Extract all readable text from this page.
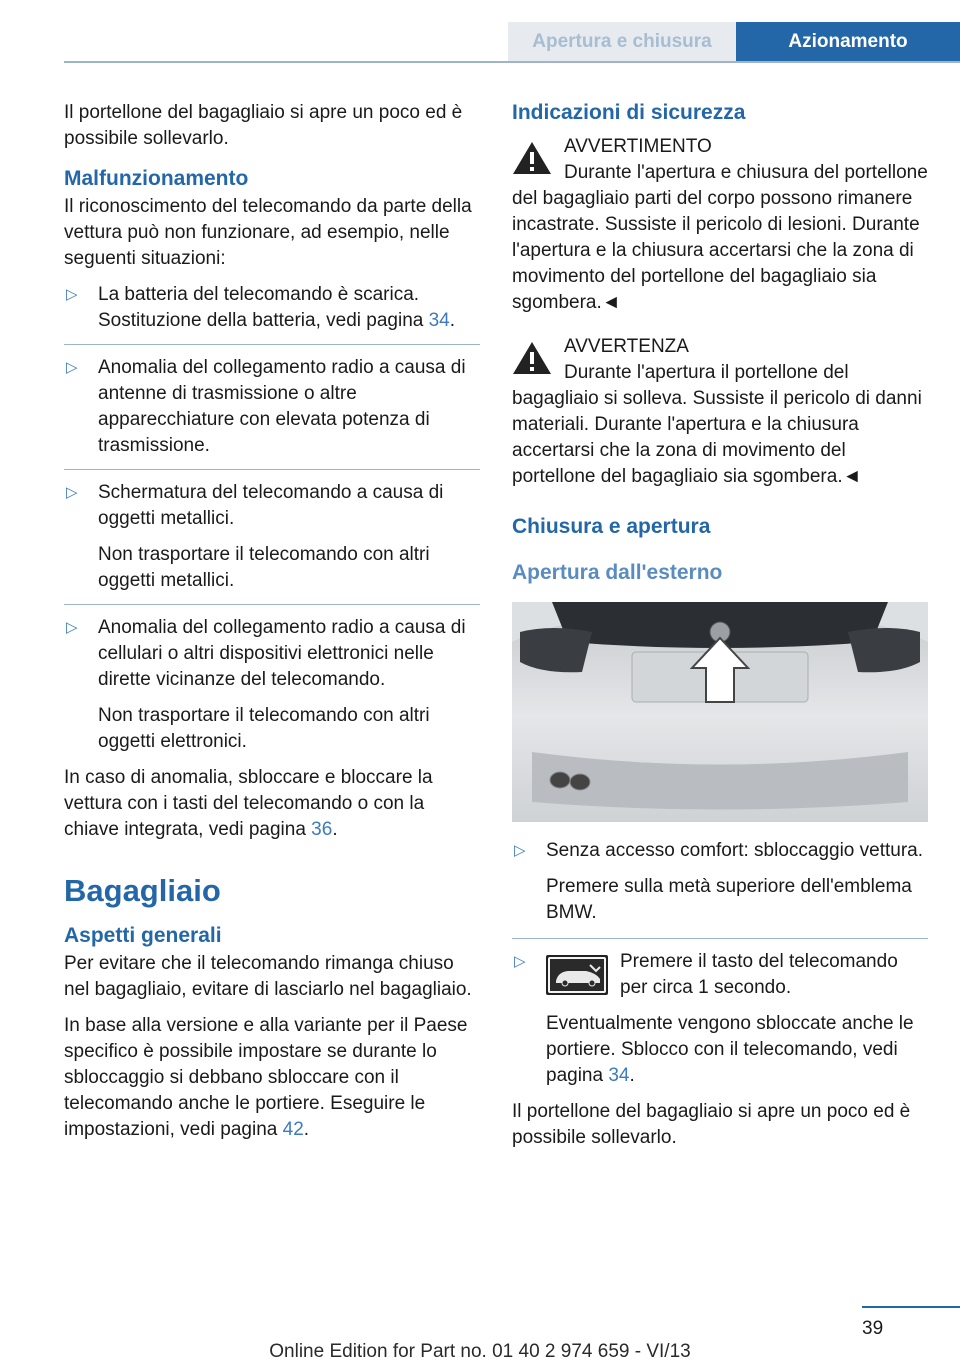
Apertura e chiusura	Azionamento

Il portellone del bagagliaio si apre un poco ed è possibile sollevarlo.

Malfunzionamento

Il riconoscimento del telecomando da parte della vettura può non funzionare, ad esempio, nelle seguenti situazioni:

▷ La batteria del telecomando è scarica. Sostituzione della batteria, vedi pagina 34.
▷ Anomalia del collegamento radio a causa di antenne di trasmissione o altre apparecchiature con elevata potenza di trasmissione.
▷ Schermatura del telecomando a causa di oggetti metallici.
Non trasportare il telecomando con altri oggetti metallici.
▷ Anomalia del collegamento radio a causa di cellulari o altri dispositivi elettronici nelle dirette vicinanze del telecomando.
Non trasportare il telecomando con altri oggetti elettronici.

In caso di anomalia, sbloccare e bloccare la vettura con i tasti del telecomando o con la chiave integrata, vedi pagina 36.

Bagagliaio
Aspetti generali

Per evitare che il telecomando rimanga chiuso nel bagagliaio, evitare di lasciarlo nel bagagliaio.

In base alla versione e alla variante per il Paese specifico è possibile impostare se durante lo sbloccaggio si debbano sbloccare con il telecomando anche le portiere. Eseguire le impostazioni, vedi pagina 42.

Indicazioni di sicurezza
AVVERTIMENTO
Durante l'apertura e chiusura del portellone del bagagliaio parti del corpo possono rimanere incastrate. Sussiste il pericolo di lesioni. Durante l'apertura e la chiusura accertarsi che la zona di movimento del portellone del bagagliaio sia sgombera.◄
AVVERTENZA
Durante l'apertura il portellone del bagagliaio si solleva. Sussiste il pericolo di danni materiali. Durante l'apertura e la chiusura accertarsi che la zona di movimento del portellone del bagagliaio sia sgombera.◄
Chiusura e apertura
Apertura dall'esterno
▷ Senza accesso comfort: sbloccaggio vettura.
Premere sulla metà superiore dell'emblema BMW.
▷	Premere il tasto del telecomando per circa 1 secondo.
Eventualmente vengono sbloccate anche le portiere. Sblocco con il telecomando, vedi pagina 34.

Il portellone del bagagliaio si apre un poco ed è possibile sollevarlo.

39
Online Edition for Part no. 01 40 2 974 659 - VI/13
